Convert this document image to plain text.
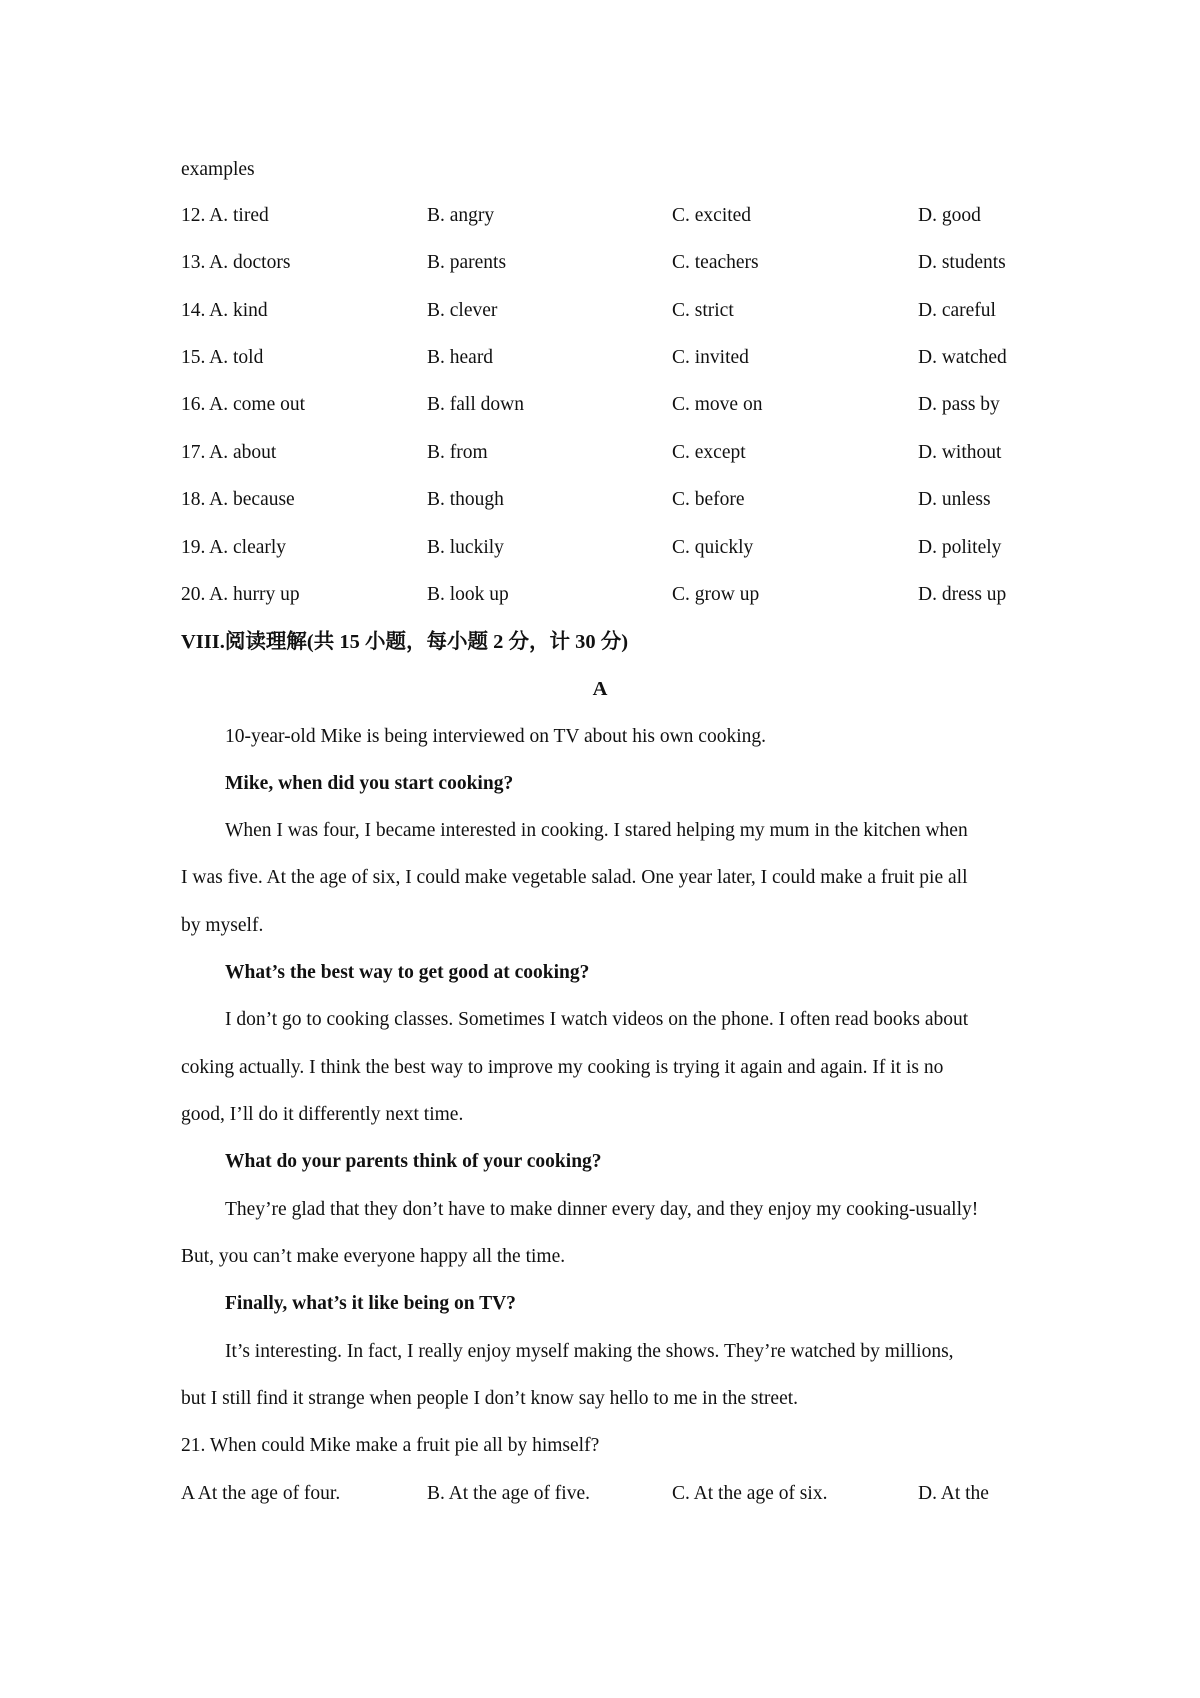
examples
12. A. tired	B. angry	C. excited	D. good
13. A. doctors	B. parents	C. teachers	D. students
14. A. kind	B. clever	C. strict	D. careful
15. A. told	B. heard	C. invited	D. watched
16. A. come out	B. fall down	C. move on	D. pass by
17. A. about	B. from	C. except	D. without
18. A. because	B. though	C. before	D. unless
19. A. clearly	B. luckily	C. quickly	D. politely
20. A. hurry up	B. look up	C. grow up	D. dress up
VIII.阅读理解(共 15 小题，每小题 2 分，计 30 分)
A
10-year-old Mike is being interviewed on TV about his own cooking.
Mike, when did you start cooking?
When I was four, I became interested in cooking. I stared helping my mum in the kitchen when
I was five. At the age of six, I could make vegetable salad. One year later, I could make a fruit pie all
by myself.
What’s the best way to get good at cooking?
I don’t go to cooking classes. Sometimes I watch videos on the phone. I often read books about
coking actually. I think the best way to improve my cooking is trying it again and again. If it is no
good, I’ll do it differently next time.
What do your parents think of your cooking?
They’re glad that they don’t have to make dinner every day, and they enjoy my cooking-usually!
But, you can’t make everyone happy all the time.
Finally, what’s it like being on TV?
It’s interesting. In fact, I really enjoy myself making the shows. They’re watched by millions,
but I still find it strange when people I don’t know say hello to me in the street.
21. When could Mike make a fruit pie all by himself?
A At the age of four.	B. At the age of five.	C. At the age of six.	D. At the
